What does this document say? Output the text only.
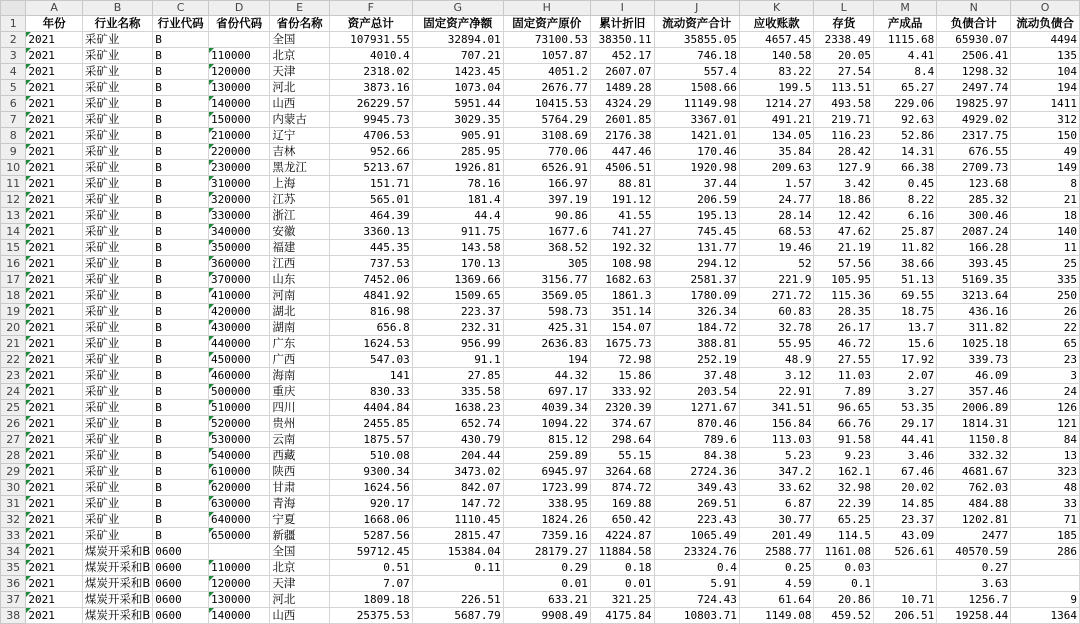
	A	B	C	D	E	F	G	H	I	J	K	L	M	N	O
1	年份	行业名称	行业代码	省份代码	省份名称	资产总计	固定资产净额	固定资产原价	累计折旧	流动资产合计	应收账款	存货	产成品	负债合计	流动负债合
2	2021	采矿业	B		全国	107931.55	32894.01	73100.53	38350.11	35855.05	4657.45	2338.49	1115.68	65930.07	4494
3	2021	采矿业	B	110000	北京	4010.4	707.21	1057.87	452.17	746.18	140.58	20.05	4.41	2506.41	135
4	2021	采矿业	B	120000	天津	2318.02	1423.45	4051.2	2607.07	557.4	83.22	27.54	8.4	1298.32	104
5	2021	采矿业	B	130000	河北	3873.16	1073.04	2676.77	1489.28	1508.66	199.5	113.51	65.27	2497.74	194
6	2021	采矿业	B	140000	山西	26229.57	5951.44	10415.53	4324.29	11149.98	1214.27	493.58	229.06	19825.97	1411
7	2021	采矿业	B	150000	内蒙古	9945.73	3029.35	5764.29	2601.85	3367.01	491.21	219.71	92.63	4929.02	312
8	2021	采矿业	B	210000	辽宁	4706.53	905.91	3108.69	2176.38	1421.01	134.05	116.23	52.86	2317.75	150
9	2021	采矿业	B	220000	吉林	952.66	285.95	770.06	447.46	170.46	35.84	28.42	14.31	676.55	49
10	2021	采矿业	B	230000	黑龙江	5213.67	1926.81	6526.91	4506.51	1920.98	209.63	127.9	66.38	2709.73	149
11	2021	采矿业	B	310000	上海	151.71	78.16	166.97	88.81	37.44	1.57	3.42	0.45	123.68	8
12	2021	采矿业	B	320000	江苏	565.01	181.4	397.19	191.12	206.59	24.77	18.86	8.22	285.32	21
13	2021	采矿业	B	330000	浙江	464.39	44.4	90.86	41.55	195.13	28.14	12.42	6.16	300.46	18
14	2021	采矿业	B	340000	安徽	3360.13	911.75	1677.6	741.27	745.45	68.53	47.62	25.87	2087.24	140
15	2021	采矿业	B	350000	福建	445.35	143.58	368.52	192.32	131.77	19.46	21.19	11.82	166.28	11
16	2021	采矿业	B	360000	江西	737.53	170.13	305	108.98	294.12	52	57.56	38.66	393.45	25
17	2021	采矿业	B	370000	山东	7452.06	1369.66	3156.77	1682.63	2581.37	221.9	105.95	51.13	5169.35	335
18	2021	采矿业	B	410000	河南	4841.92	1509.65	3569.05	1861.3	1780.09	271.72	115.36	69.55	3213.64	250
19	2021	采矿业	B	420000	湖北	816.98	223.37	598.73	351.14	326.34	60.83	28.35	18.75	436.16	26
20	2021	采矿业	B	430000	湖南	656.8	232.31	425.31	154.07	184.72	32.78	26.17	13.7	311.82	22
21	2021	采矿业	B	440000	广东	1624.53	956.99	2636.83	1675.73	388.81	55.95	46.72	15.6	1025.18	65
22	2021	采矿业	B	450000	广西	547.03	91.1	194	72.98	252.19	48.9	27.55	17.92	339.73	23
23	2021	采矿业	B	460000	海南	141	27.85	44.32	15.86	37.48	3.12	11.03	2.07	46.09	3
24	2021	采矿业	B	500000	重庆	830.33	335.58	697.17	333.92	203.54	22.91	7.89	3.27	357.46	24
25	2021	采矿业	B	510000	四川	4404.84	1638.23	4039.34	2320.39	1271.67	341.51	96.65	53.35	2006.89	126
26	2021	采矿业	B	520000	贵州	2455.85	652.74	1094.22	374.67	870.46	156.84	66.76	29.17	1814.31	121
27	2021	采矿业	B	530000	云南	1875.57	430.79	815.12	298.64	789.6	113.03	91.58	44.41	1150.8	84
28	2021	采矿业	B	540000	西藏	510.08	204.44	259.89	55.15	84.38	5.23	9.23	3.46	332.32	13
29	2021	采矿业	B	610000	陕西	9300.34	3473.02	6945.97	3264.68	2724.36	347.2	162.1	67.46	4681.67	323
30	2021	采矿业	B	620000	甘肃	1624.56	842.07	1723.99	874.72	349.43	33.62	32.98	20.02	762.03	48
31	2021	采矿业	B	630000	青海	920.17	147.72	338.95	169.88	269.51	6.87	22.39	14.85	484.88	33
32	2021	采矿业	B	640000	宁夏	1668.06	1110.45	1824.26	650.42	223.43	30.77	65.25	23.37	1202.81	71
33	2021	采矿业	B	650000	新疆	5287.56	2815.47	7359.16	4224.87	1065.49	201.49	114.5	43.09	2477	185
34	2021	煤炭开采和B	0600		全国	59712.45	15384.04	28179.27	11884.58	23324.76	2588.77	1161.08	526.61	40570.59	286
35	2021	煤炭开采和B	0600	110000	北京	0.51	0.11	0.29	0.18	0.4	0.25	0.03		0.27	
36	2021	煤炭开采和B	0600	120000	天津	7.07		0.01	0.01	5.91	4.59	0.1		3.63	
37	2021	煤炭开采和B	0600	130000	河北	1809.18	226.51	633.21	321.25	724.43	61.64	20.86	10.71	1256.7	9
38	2021	煤炭开采和B	0600	140000	山西	25375.53	5687.79	9908.49	4175.84	10803.71	1149.08	459.52	206.51	19258.44	1364
